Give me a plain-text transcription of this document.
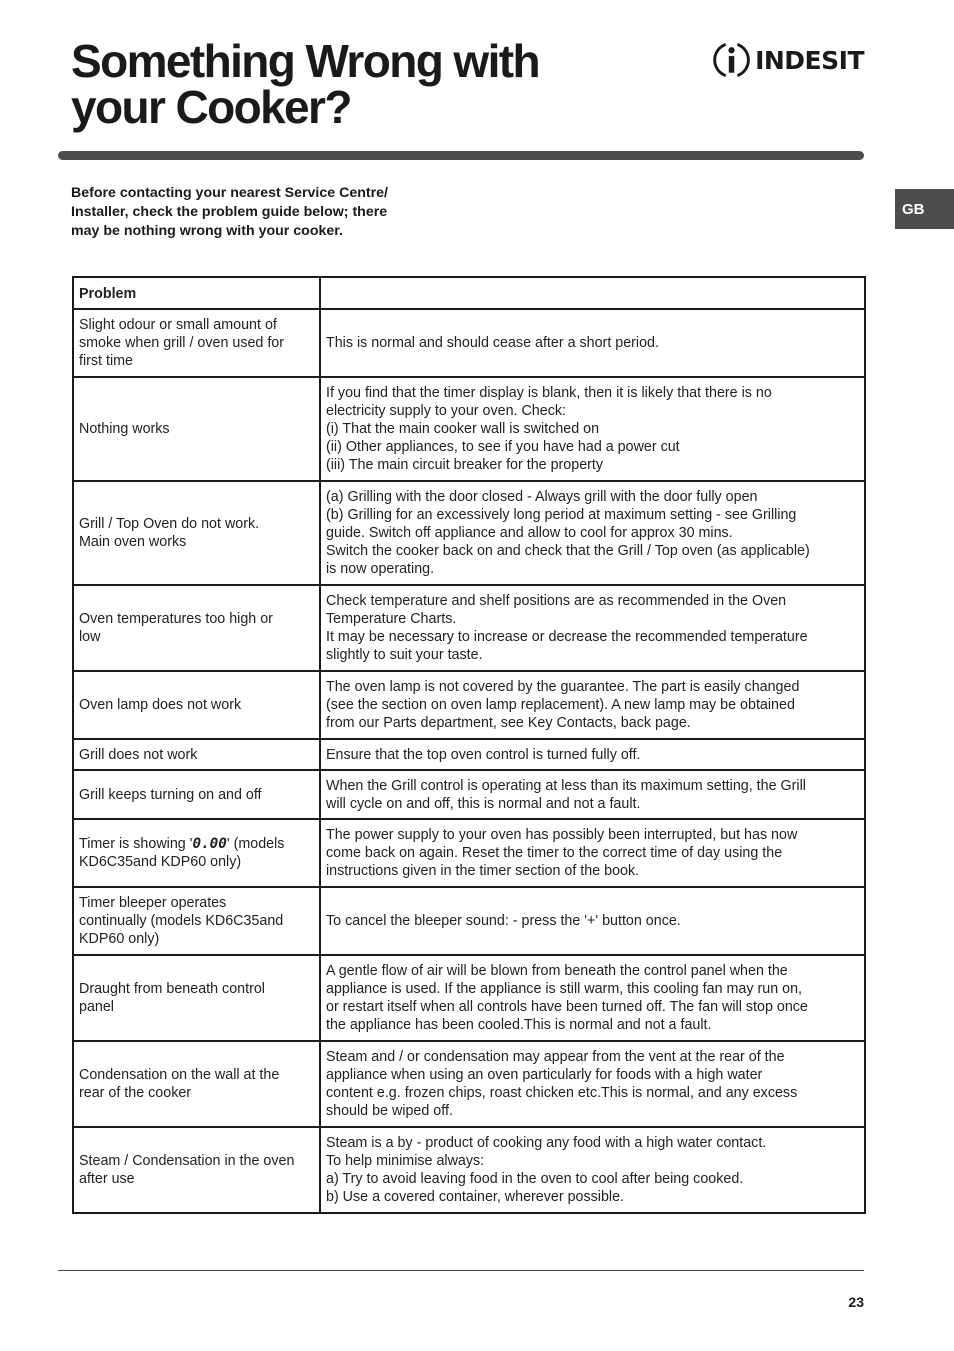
Something Wrong with
your Cooker?
INDESIT
GB
Before contacting your nearest Service Centre/
Installer, check the problem guide below; there
may be nothing wrong with your cooker.
Problem	

Slight odour or small amount of
smoke when grill / oven used for
first time	This is normal and should cease after a short period.

Nothing works	If you find that the timer display is blank, then it is likely that there is no
electricity supply to your oven. Check:
(i) That the main cooker wall is switched on
(ii) Other appliances, to see if you have had a power cut
(iii) The main circuit breaker for the property

Grill / Top Oven do not work.
Main oven works	(a) Grilling with the door closed - Always grill with the door fully open
(b) Grilling for an excessively long period at maximum setting - see Grilling
guide. Switch off appliance and allow to cool for approx 30 mins.
Switch the cooker back on and check that the Grill / Top oven (as applicable)
is now operating.

Oven temperatures too high or
low	Check temperature and shelf positions are as recommended in the Oven
Temperature Charts.
It may be necessary to increase or decrease the recommended temperature
slightly to suit your taste.

Oven lamp does not work	The oven lamp is not covered by the guarantee. The part is easily changed
(see the section on oven lamp replacement). A new lamp may be obtained
from our Parts department, see Key Contacts, back page.

Grill does not work	Ensure that the top oven control is turned fully off.

Grill keeps turning on and off	When the Grill control is operating at less than its maximum setting, the Grill
will cycle on and off, this is normal and not a fault.

Timer is showing '0.00' (models
KD6C35and KDP60 only)	The power supply to your oven has possibly been interrupted, but has now
come back on again. Reset the timer to the correct time of day using the
instructions given in the timer section of the book.

Timer bleeper operates
continually (models KD6C35and
KDP60 only)	To cancel the bleeper sound: - press the '+' button once.

Draught from beneath control
panel	A gentle flow of air will be blown from beneath the control panel when the
appliance is used. If the appliance is still warm, this cooling fan may run on,
or restart itself when all controls have been turned off. The fan will stop once
the appliance has been cooled.This is normal and not a fault.

Condensation on the wall at the
rear of the cooker	Steam and / or condensation may appear from the vent at the rear of the
appliance when using an oven particularly for foods with a high water
content e.g. frozen chips, roast chicken etc.This is normal, and any excess
should be wiped off.

Steam / Condensation in the oven
after use	Steam is a by - product of cooking any food with a high water contact.
To help minimise always:
a) Try to avoid leaving food in the oven to cool after being cooked.
b) Use a covered container, wherever possible.
23
